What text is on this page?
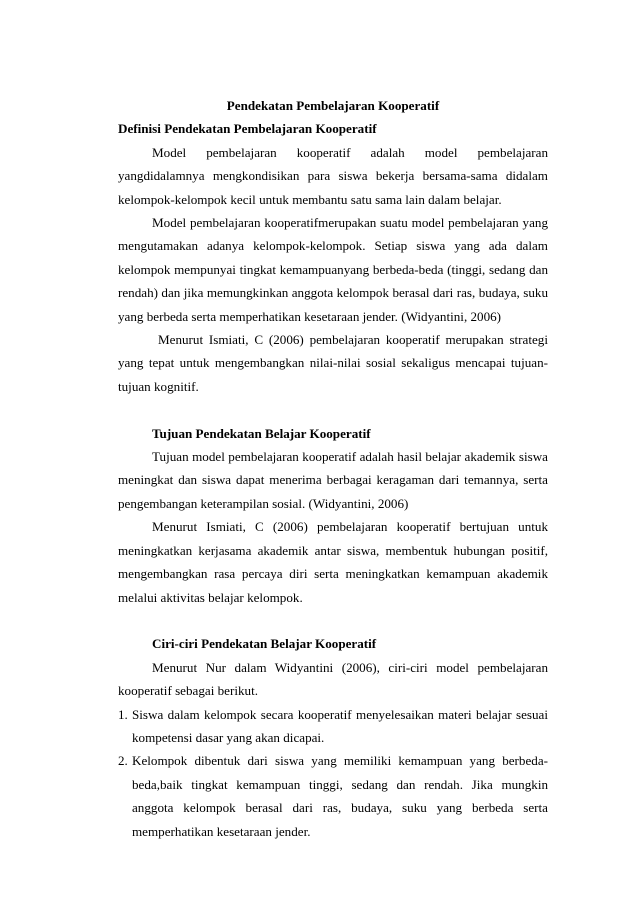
Pendekatan Pembelajaran Kooperatif

Definisi Pendekatan Pembelajaran Kooperatif

Model pembelajaran kooperatif adalah model pembelajaran yangdidalamnya mengkondisikan para siswa bekerja bersama-sama didalam kelompok-kelompok kecil untuk membantu satu sama lain dalam belajar.

Model pembelajaran kooperatifmerupakan suatu model pembelajaran yang mengutamakan adanya kelompok-kelompok. Setiap siswa yang ada dalam kelompok mempunyai tingkat kemampuanyang berbeda-beda (tinggi, sedang dan rendah) dan jika memungkinkan anggota kelompok berasal dari ras, budaya, suku yang berbeda serta memperhatikan kesetaraan jender. (Widyantini, 2006)

Menurut Ismiati, C (2006) pembelajaran kooperatif merupakan strategi yang tepat untuk mengembangkan nilai-nilai sosial sekaligus mencapai tujuan-tujuan kognitif.

Tujuan Pendekatan Belajar Kooperatif

Tujuan model pembelajaran kooperatif adalah hasil belajar akademik siswa meningkat dan siswa dapat menerima berbagai keragaman dari temannya, serta pengembangan keterampilan sosial. (Widyantini, 2006)

Menurut Ismiati, C (2006) pembelajaran kooperatif bertujuan untuk meningkatkan kerjasama akademik antar siswa, membentuk hubungan positif, mengembangkan rasa percaya diri serta meningkatkan kemampuan akademik melalui aktivitas belajar kelompok.

Ciri-ciri Pendekatan Belajar Kooperatif

Menurut Nur dalam Widyantini (2006), ciri-ciri model pembelajaran kooperatif sebagai berikut.

1. Siswa dalam kelompok secara kooperatif menyelesaikan materi belajar sesuai kompetensi dasar yang akan dicapai.
2. Kelompok dibentuk dari siswa yang memiliki kemampuan yang berbeda-beda,baik tingkat kemampuan tinggi, sedang dan rendah. Jika mungkin anggota kelompok berasal dari ras, budaya, suku yang berbeda serta memperhatikan kesetaraan jender.
